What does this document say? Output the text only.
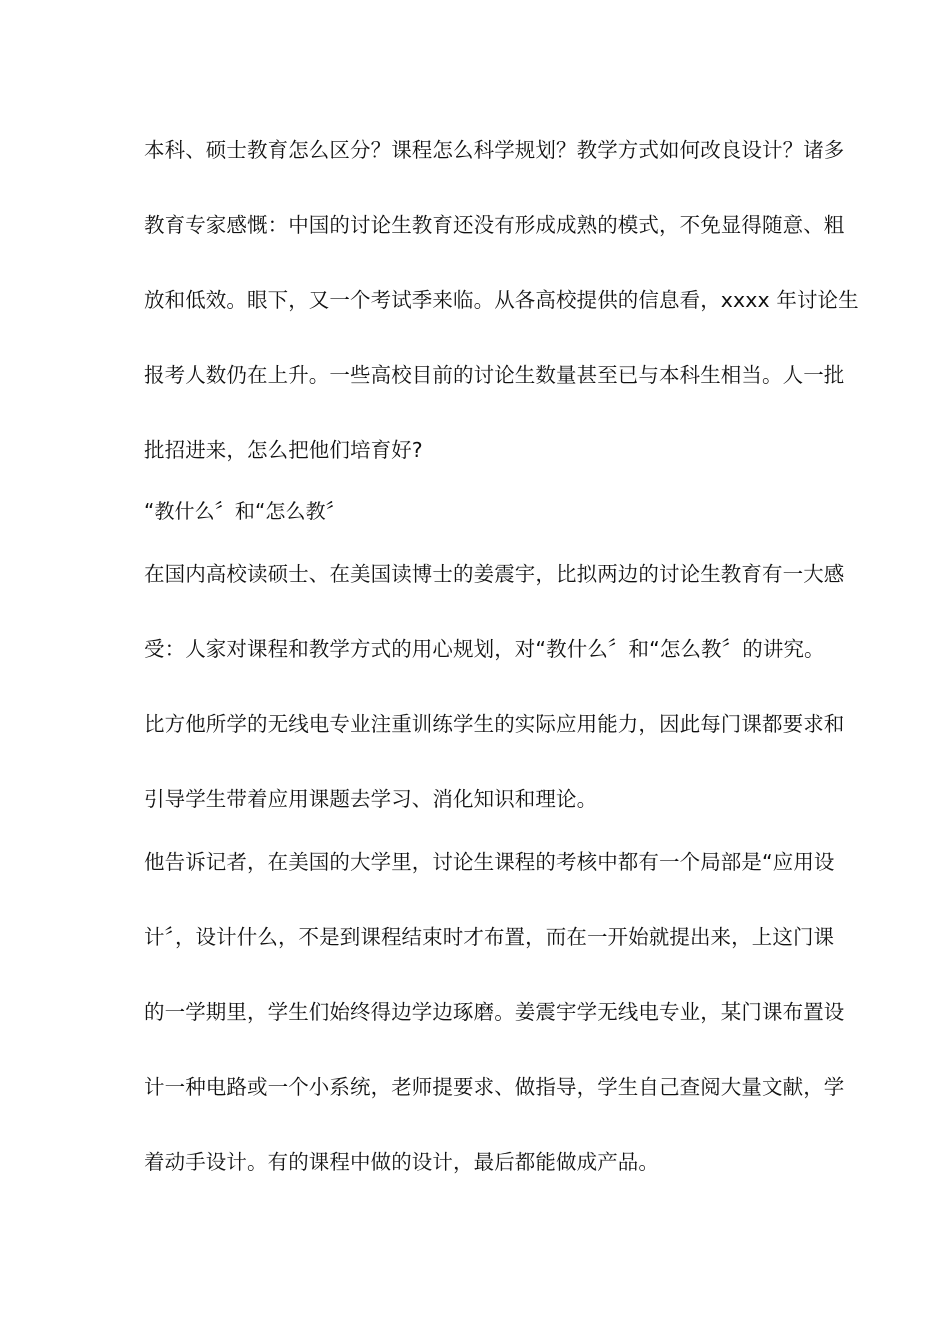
本科、硕士教育怎么区分？课程怎么科学规划？教学方式如何改良设计？诸多
教育专家感慨：中国的讨论生教育还没有形成成熟的模式，不免显得随意、粗
放和低效。眼下，又一个考试季来临。从各高校提供的信息看，xxxx 年讨论生
报考人数仍在上升。一些高校目前的讨论生数量甚至已与本科生相当。人一批
批招进来，怎么把他们培育好?
“教什么〞和“怎么教〞
在国内高校读硕士、在美国读博士的姜震宇，比拟两边的讨论生教育有一大感
受：人家对课程和教学方式的用心规划，对“教什么〞和“怎么教〞的讲究。
比方他所学的无线电专业注重训练学生的实际应用能力，因此每门课都要求和
引导学生带着应用课题去学习、消化知识和理论。
他告诉记者，在美国的大学里，讨论生课程的考核中都有一个局部是“应用设
计〞，设计什么，不是到课程结束时才布置，而在一开始就提出来，上这门课
的一学期里，学生们始终得边学边琢磨。姜震宇学无线电专业，某门课布置设
计一种电路或一个小系统，老师提要求、做指导，学生自己查阅大量文献，学
着动手设计。有的课程中做的设计，最后都能做成产品。
